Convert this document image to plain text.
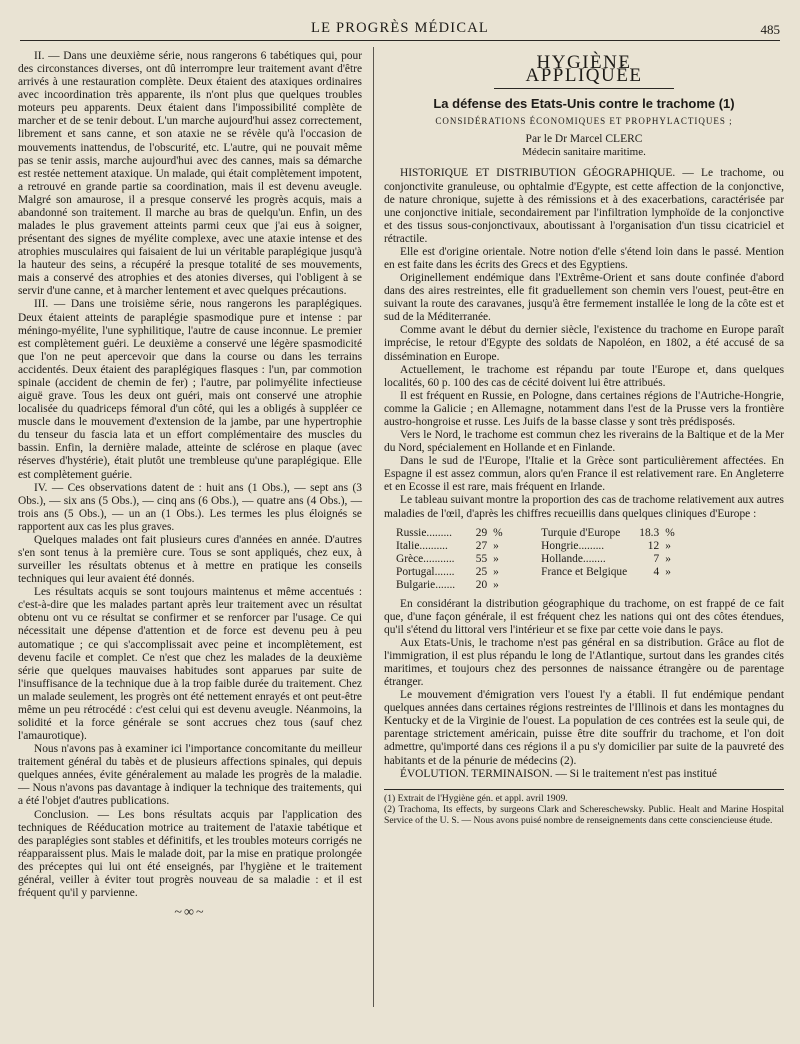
LE PROGRÈS MÉDICAL	485

II. — Dans une deuxième série, nous rangerons 6 tabétiques qui, pour des circonstances diverses, ont dû interrompre leur traitement avant d'être arrivés à une restauration complète. Deux étaient des ataxiques ordinaires avec incoordination très apparente, ils n'ont plus que quelques troubles moteurs peu apparents. Deux étaient dans l'impossibilité complète de marcher et de se tenir debout. L'un marche aujourd'hui assez correctement, librement et sans canne, et son ataxie ne se révèle qu'à l'occasion de mouvements inattendus, de l'obscurité, etc. L'autre, qui ne pouvait même pas se tenir assis, marche aujourd'hui avec des cannes, mais sa démarche est restée nettement ataxique. Un malade, qui était complètement impotent, a retrouvé en grande partie sa coordination, mais il est devenu aveugle. Malgré son amaurose, il a presque conservé les progrès acquis, mais a abandonné son traitement. Il marche au bras de quelqu'un. Enfin, un des malades le plus gravement atteints parmi ceux que j'ai eus à soigner, présentant des signes de myélite complexe, avec une ataxie intense et des atrophies musculaires qui faisaient de lui un véritable paraplégique jusqu'à la hauteur des seins, a récupéré la presque totalité de ses mouvements, mais a conservé des atrophies et des atonies diverses, qui l'obligent à se servir d'une canne, et à marcher lentement et avec quelques précautions.

III. — Dans une troisième série, nous rangerons les paraplégiques. Deux étaient atteints de paraplégie spasmodique pure et intense : par méningo-myélite, l'une syphilitique, l'autre de cause inconnue. Le premier est complètement guéri. Le deuxième a conservé une légère spasmodicité que l'on ne peut apercevoir que dans la course ou dans les terrains accidentés. Deux étaient des paraplégiques flasques : l'un, par commotion spinale (accident de chemin de fer) ; l'autre, par polimyélite infectieuse aiguë grave. Tous les deux ont guéri, mais ont conservé une atrophie localisée du quadriceps fémoral d'un côté, qui les a obligés à suppléer ce muscle dans le mouvement d'extension de la jambe, par une hypertrophie du tenseur du fascia lata et un effort complémentaire des muscles du bassin. Enfin, la dernière malade, atteinte de sclérose en plaque (avec réserves d'hystérie), était plutôt une trembleuse qu'une paraplégique. Elle est complètement guérie.

IV. — Ces observations datent de : huit ans (1 Obs.), — sept ans (3 Obs.), — six ans (5 Obs.), — cinq ans (6 Obs.), — quatre ans (4 Obs.), — trois ans (5 Obs.), — un an (1 Obs.). Les termes les plus éloignés se rapportent aux cas les plus graves.

Quelques malades ont fait plusieurs cures d'années en année. D'autres s'en sont tenus à la première cure. Tous se sont appliqués, chez eux, à surveiller les résultats obtenus et à mettre en pratique les conseils techniques qui leur avaient été donnés.

Les résultats acquis se sont toujours maintenus et même accentués : c'est-à-dire que les malades partant après leur traitement avec un résultat obtenu ont vu ce résultat se confirmer et se renforcer par l'usage. Ce qui nécessitait une dépense d'attention et de force est devenu peu à peu automatique ; ce qui s'accomplissait avec peine et incomplètement, est devenu facile et complet. Ce n'est que chez les malades de la deuxième série que quelques mauvaises habitudes sont apparues par suite de l'insuffisance de la technique due à la trop faible durée du traitement. Chez un malade seulement, les progrès ont été nettement enrayés et ont peut-être même un peu rétrocédé : c'est celui qui est devenu aveugle. Néanmoins, la solidité et la force générale se sont accrues chez tous (sauf chez l'amaurotique).

Nous n'avons pas à examiner ici l'importance concomitante du meilleur traitement général du tabès et de plusieurs affections spinales, qui depuis quelques années, évite généralement au malade les progrès de la maladie. — Nous n'avons pas davantage à indiquer la technique des traitements, qui a été l'objet d'autres publications.

Conclusion. — Les bons résultats acquis par l'application des techniques de Rééducation motrice au traitement de l'ataxie tabétique et des paraplégies sont stables et définitifs, et les troubles moteurs corrigés ne réapparaissent plus. Mais le malade doit, par la mise en pratique prolongée des préceptes qui lui ont été enseignés, par l'hygiène et le traitement général, veiller à éviter tout progrès nouveau de sa maladie : et il est fréquent qu'il y parvienne.

~∞~
HYGIÈNE APPLIQUÉE
La défense des Etats-Unis contre le trachome (1)
CONSIDÉRATIONS ÉCONOMIQUES ET PROPHYLACTIQUES ;
Par le Dr Marcel CLERC
Médecin sanitaire maritime.

HISTORIQUE ET DISTRIBUTION GÉOGRAPHIQUE. — Le trachome, ou conjonctivite granuleuse, ou ophtalmie d'Egypte, est cette affection de la conjonctive, de nature chronique, sujette à des rémissions et à des exacerbations, caractérisée par une conjonctive initiale, secondairement par l'infiltration lymphoïde de la conjonctive et des tissus sous-conjonctivaux, aboutissant à l'organisation d'un tissu cicatriciel et rétractile.

Elle est d'origine orientale. Notre notion d'elle s'étend loin dans le passé. Mention en est faite dans les écrits des Grecs et des Egyptiens.

Originellement endémique dans l'Extrême-Orient et sans doute confinée d'abord dans des aires restreintes, elle fit graduellement son chemin vers l'ouest, peut-être en suivant la route des caravanes, jusqu'à être fermement installée le long de la côte est et sud de la Méditerranée.

Comme avant le début du dernier siècle, l'existence du trachome en Europe paraît imprécise, le retour d'Egypte des soldats de Napoléon, en 1802, a été accusé de sa dissémination en Europe.

Actuellement, le trachome est répandu par toute l'Europe et, dans quelques localités, 60 p. 100 des cas de cécité doivent lui être attribués.

Il est fréquent en Russie, en Pologne, dans certaines régions de l'Autriche-Hongrie, comme la Galicie ; en Allemagne, notamment dans l'est de la Prusse vers la frontière austro-hongroise et russe. Les Juifs de la basse classe y sont très prédisposés.

Vers le Nord, le trachome est commun chez les riverains de la Baltique et de la Mer du Nord, spécialement en Hollande et en Finlande.

Dans le sud de l'Europe, l'Italie et la Grèce sont particulièrement affectées. En Espagne il est assez commun, alors qu'en France il est relativement rare. En Angleterre et en Ecosse il est rare, mais fréquent en Irlande.

Le tableau suivant montre la proportion des cas de trachome relativement aux autres maladies de l'œil, d'après les chiffres recueillis dans quelques cliniques d'Europe :

Russie.........	29	%	Turquie d'Europe	18.3	%
Italie..........	27	»	Hongrie.........	12	»
Grèce...........	55	»	Hollande........	7	»
Portugal.......	25	»	France et Belgique	4	»
Bulgarie.......	20	»			

En considérant la distribution géographique du trachome, on est frappé de ce fait que, d'une façon générale, il est fréquent chez les nations qui ont des côtes étendues, qu'il s'étend du littoral vers l'intérieur et se fixe par cette voie dans le pays.

Aux Etats-Unis, le trachome n'est pas général en sa distribution. Grâce au flot de l'immigration, il est plus répandu le long de l'Atlantique, surtout dans les grandes cités maritimes, et toujours chez des personnes de naissance étrangère ou de parentage étranger.

Le mouvement d'émigration vers l'ouest l'y a établi. Il fut endémique pendant quelques années dans certaines régions restreintes de l'Illinois et dans les montagnes du Kentucky et de la Virginie de l'ouest. La population de ces contrées est la seule qui, de parentage strictement américain, puisse être dite souffrir du trachome, et l'on doit admettre, qu'importé dans ces régions il a pu s'y domicilier par suite de la pauvreté des habitants et de la pénurie de médecins (2).

ÉVOLUTION. TERMINAISON. — Si le traitement n'est pas institué

(1) Extrait de l'Hygiène gén. et appl. avril 1909.

(2) Trachoma, Its effects, by surgeons Clark and Schereschewsky. Public. Healt and Marine Hospital Service of the U. S. — Nous avons puisé nombre de renseignements dans cette consciencieuse étude.
